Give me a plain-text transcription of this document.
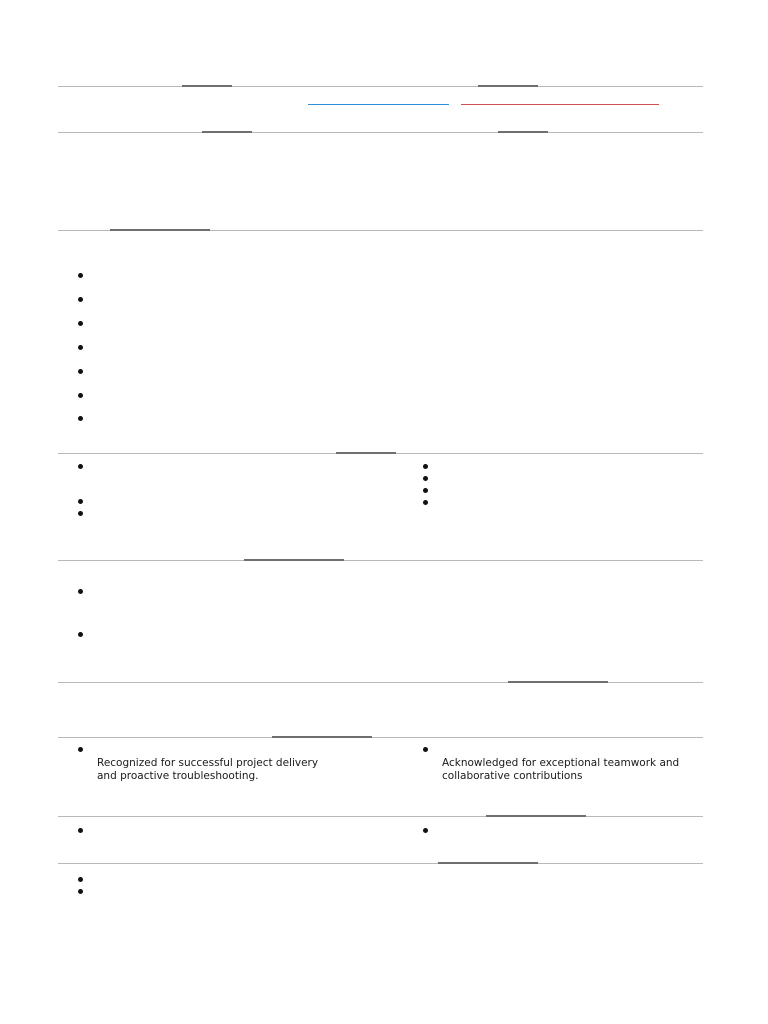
Recognized for successful project delivery and proactive troubleshooting.
Acknowledged for exceptional teamwork and collaborative contributions
